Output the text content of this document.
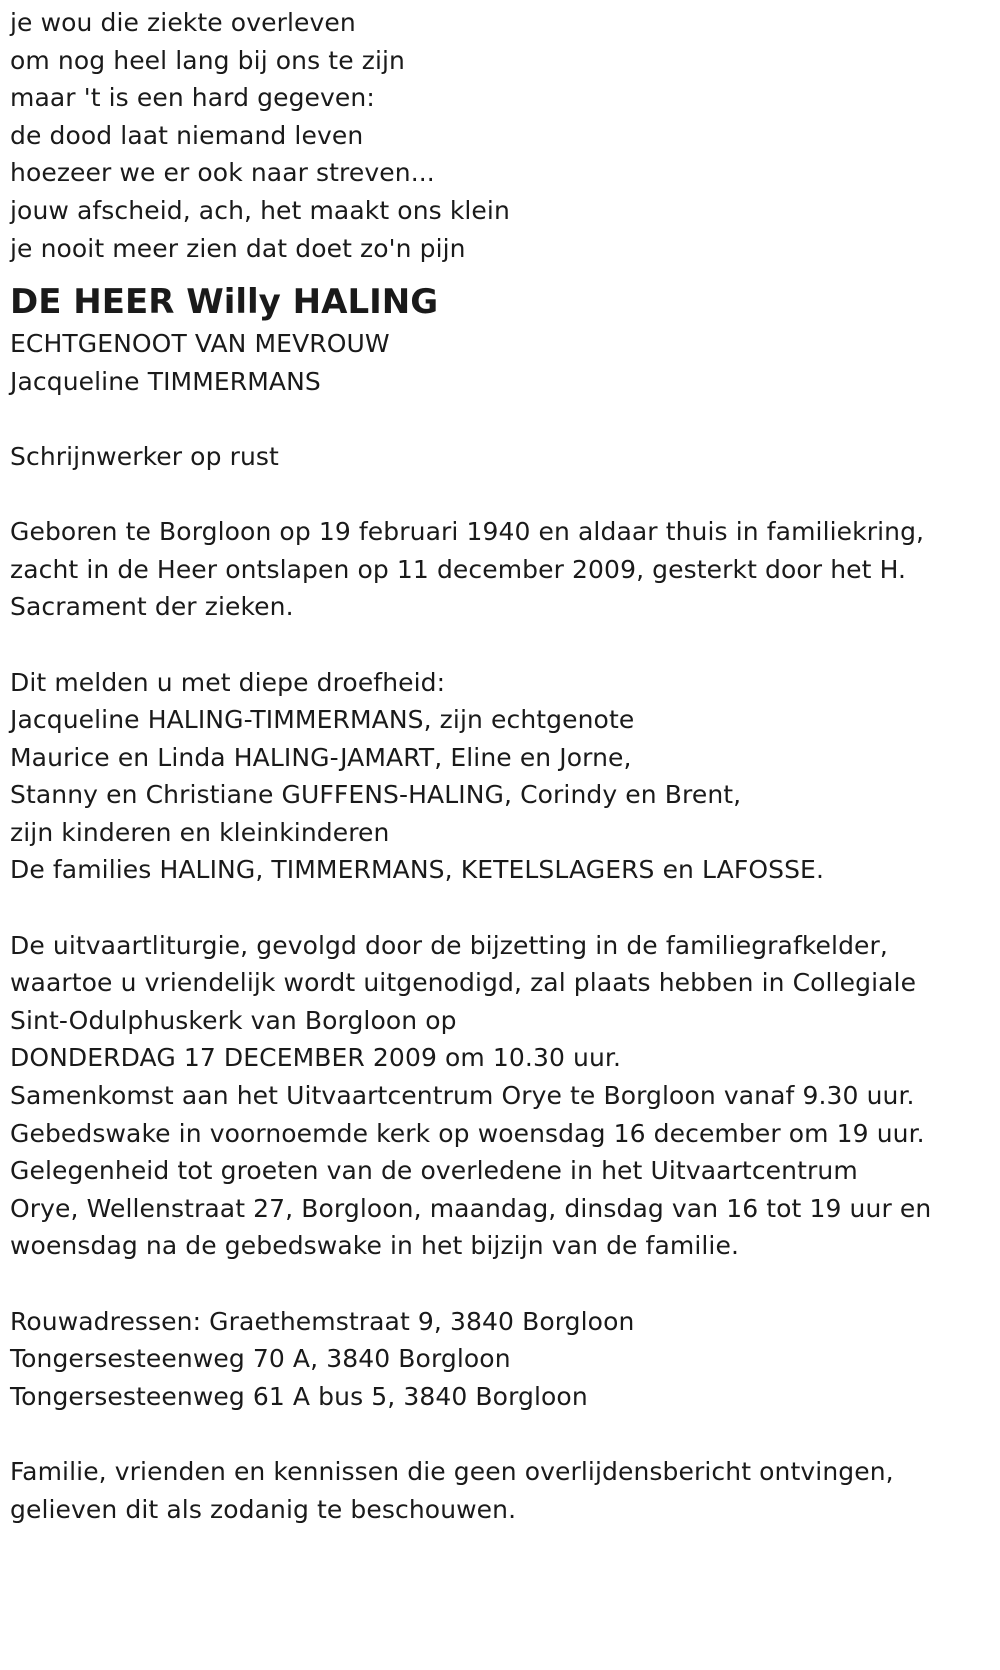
je wou die ziekte overleven
om nog heel lang bij ons te zijn
maar 't is een hard gegeven:
de dood laat niemand leven
hoezeer we er ook naar streven...
jouw afscheid, ach, het maakt ons klein
je nooit meer zien dat doet zo'n pijn
DE HEER Willy HALING
ECHTGENOOT VAN MEVROUW
Jacqueline TIMMERMANS
Schrijnwerker op rust
Geboren te Borgloon op 19 februari 1940 en aldaar thuis in familiekring,
zacht in de Heer ontslapen op 11 december 2009, gesterkt door het H.
Sacrament der zieken.
Dit melden u met diepe droefheid:
Jacqueline HALING-TIMMERMANS, zijn echtgenote
Maurice en Linda HALING-JAMART, Eline en Jorne,
Stanny en Christiane GUFFENS-HALING, Corindy en Brent,
zijn kinderen en kleinkinderen
De families HALING, TIMMERMANS, KETELSLAGERS en LAFOSSE.
De uitvaartliturgie, gevolgd door de bijzetting in de familiegrafkelder,
waartoe u vriendelijk wordt uitgenodigd, zal plaats hebben in Collegiale
Sint-Odulphuskerk van Borgloon op
DONDERDAG 17 DECEMBER 2009 om 10.30 uur.
Samenkomst aan het Uitvaartcentrum Orye te Borgloon vanaf 9.30 uur.
Gebedswake in voornoemde kerk op woensdag 16 december om 19 uur.
Gelegenheid tot groeten van de overledene in het Uitvaartcentrum
Orye, Wellenstraat 27, Borgloon, maandag, dinsdag van 16 tot 19 uur en
woensdag na de gebedswake in het bijzijn van de familie.
Rouwadressen: Graethemstraat 9, 3840 Borgloon
Tongersesteenweg 70 A, 3840 Borgloon
Tongersesteenweg 61 A bus 5, 3840 Borgloon
Familie, vrienden en kennissen die geen overlijdensbericht ontvingen,
gelieven dit als zodanig te beschouwen.
